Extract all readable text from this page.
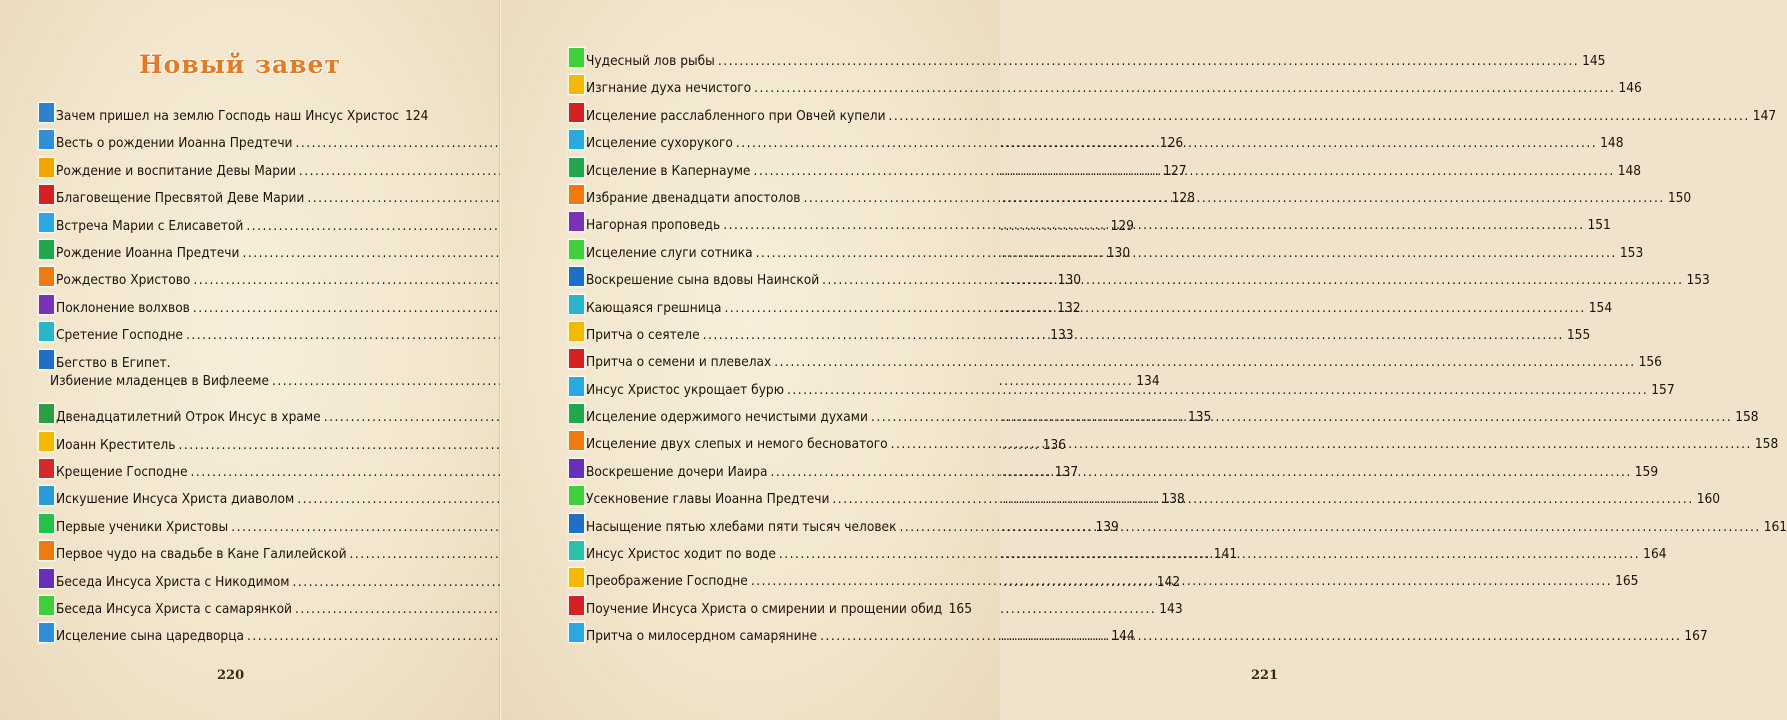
Новый завет
Зачем пришел на землю Господь наш Инсус Христос 124
Весть о рождении Иоанна Предтечи .....	126
Рождение и воспитание Девы Марии .....	127
Благовещение Пресвятой Деве Марии .....	128
Встреча Марии с Елисаветой .....	129
Рождение Иоанна Предтечи .....	130
Рождество Христово .....	130
Поклонение волхвов .....	132
Сретение Господне .....	133
Бегство в Египет.
Избиение младенцев в Вифлееме .....	134
Двенадцатилетний Отрок Инсус в храме .....	135
Иоанн Креститель .....	136
Крещение Господне .....	137
Искушение Инсуса Христа диаволом .....	138
Первые ученики Христовы .....	139
Первое чудо на свадьбе в Кане Галилейской .....	141
Беседа Инсуса Христа с Никодимом .....	142
Беседа Инсуса Христа с самарянкой .....	143
Исцеление сына царедворца .....	144
220	221
Чудесный лов рыбы .....	145
Изгнание духа нечистого .....	146
Исцеление расслабленного при Овчей купели .....	147
Исцеление сухорукого .....	148
Исцеление в Капернауме .....	148
Избрание двенадцати апостолов .....	150
Нагорная проповедь .....	151
Исцеление слуги сотника .....	153
Воскрешение сына вдовы Наинской .....	153
Кающаяся грешница .....	154
Притча о сеятеле .....	155
Притча о семени и плевелах .....	156
Инсус Христос укрощает бурю .....	157
Исцеление одержимого нечистыми духами .....	158
Исцеление двух слепых и немого бесноватого .....	158
Воскрешение дочери Иаира .....	159
Усекновение главы Иоанна Предтечи .....	160
Насыщение пятью хлебами пяти тысяч человек .....	161
Инсус Христос ходит по воде .....	164
Преображение Господне .....	165
Поучение Инсуса Христа о смирении и прощении обид ..... 165
Притча о милосердном самарянине .....	167
